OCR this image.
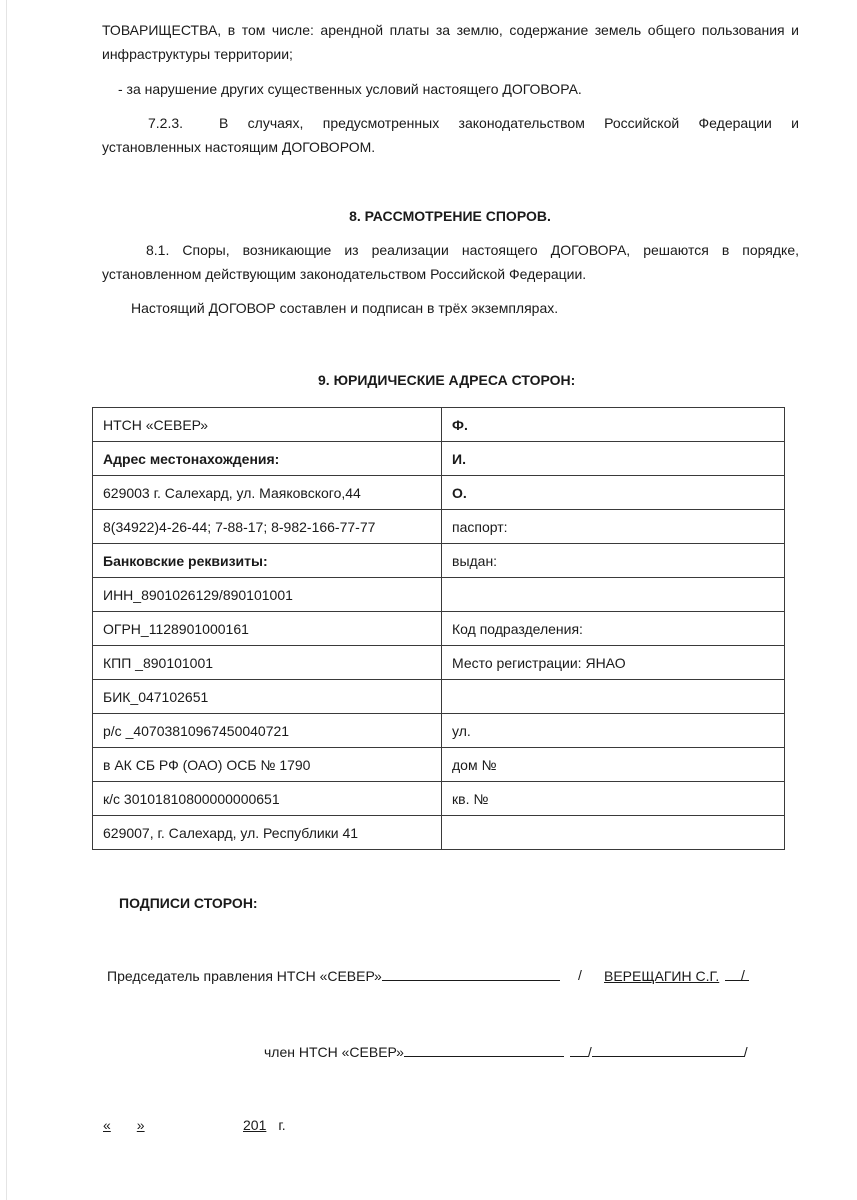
ТОВАРИЩЕСТВА, в том числе: арендной платы за землю, содержание земель общего пользования и
инфраструктуры территории;
- за нарушение других существенных условий настоящего ДОГОВОРА.
7.2.3.	В случаях, предусмотренных законодательством Российской Федерации и
установленных настоящим ДОГОВОРОМ.
8. РАССМОТРЕНИЕ СПОРОВ.
8.1. Споры, возникающие из реализации настоящего ДОГОВОРА, решаются в порядке,
установленном действующим законодательством Российской Федерации.
Настоящий ДОГОВОР составлен и подписан в трёх экземплярах.
9. ЮРИДИЧЕСКИЕ АДРЕСА СТОРОН:
НТСН «СЕВЕР»	Ф.
Адрес местонахождения:	И.
629003 г. Салехард, ул. Маяковского,44	О.
8(34922)4-26-44; 7-88-17; 8-982-166-77-77	паспорт:
Банковские реквизиты:	выдан:
ИНН_8901026129/890101001	
ОГРН_1128901000161	Код подразделения:
КПП _890101001	Место регистрации: ЯНАО
БИК_047102651	
р/с _40703810967450040721	ул.
в АК СБ РФ (ОАО) ОСБ № 1790	дом №
к/с 30101810800000000651	кв. №
629007, г. Салехард, ул. Республики 41	
ПОДПИСИ СТОРОН:
Председатель правления НТСН «СЕВЕР»	/ ВЕРЕЩАГИН С.Г.	/
член НТСН «СЕВЕР»	/	/
« »	201 г.
